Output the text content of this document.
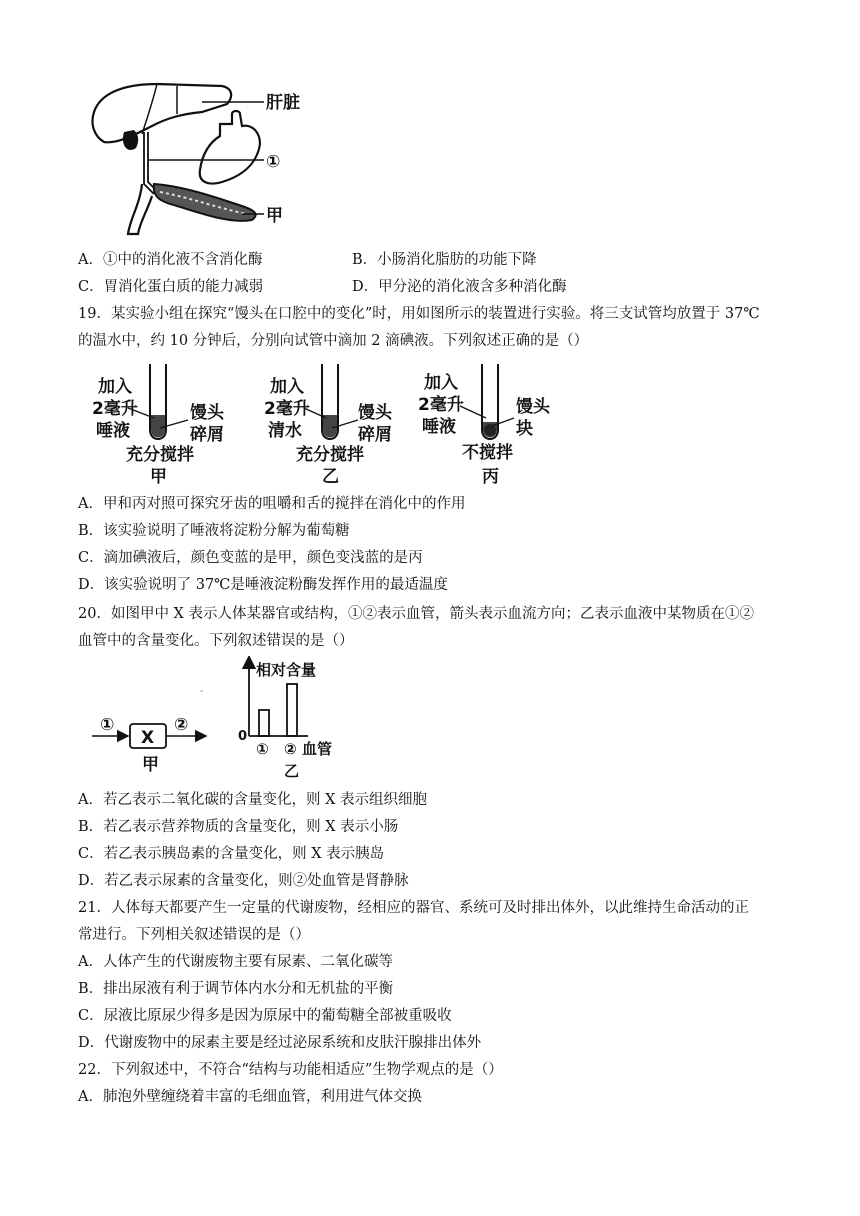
肝脏
①
甲
A．①中的消化液不含消化酶	B．小肠消化脂肪的功能下降
C．胃消化蛋白质的能力减弱	D．甲分泌的消化液含多种消化酶
19．某实验小组在探究“馒头在口腔中的变化”时，用如图所示的装置进行实验。将三支试管均放置于 37℃
的温水中，约 10 分钟后，分别向试管中滴加 2 滴碘液。下列叙述正确的是（）
加入
2毫升
唾液
馒头
碎屑
充分搅拌
甲
加入
2毫升
清水
馒头
碎屑
充分搅拌
乙
加入
2毫升
唾液
馒头
块
不搅拌
丙
A．甲和丙对照可探究牙齿的咀嚼和舌的搅拌在消化中的作用
B．该实验说明了唾液将淀粉分解为葡萄糖
C．滴加碘液后，颜色变蓝的是甲，颜色变浅蓝的是丙
D．该实验说明了 37℃是唾液淀粉酶发挥作用的最适温度
20．如图甲中 X 表示人体某器官或结构，①②表示血管，箭头表示血流方向；乙表示血液中某物质在①②
血管中的含量变化。下列叙述错误的是（）
①
X
②
甲
-
相对含量
0
① ② 血管
乙
A．若乙表示二氧化碳的含量变化，则 X 表示组织细胞
B．若乙表示营养物质的含量变化，则 X 表示小肠
C．若乙表示胰岛素的含量变化，则 X 表示胰岛
D．若乙表示尿素的含量变化，则②处血管是肾静脉
21．人体每天都要产生一定量的代谢废物，经相应的器官、系统可及时排出体外，以此维持生命活动的正
常进行。下列相关叙述错误的是（）
A．人体产生的代谢废物主要有尿素、二氧化碳等
B．排出尿液有利于调节体内水分和无机盐的平衡
C．尿液比原尿少得多是因为原尿中的葡萄糖全部被重吸收
D．代谢废物中的尿素主要是经过泌尿系统和皮肤汗腺排出体外
22．下列叙述中，不符合“结构与功能相适应”生物学观点的是（）
A．肺泡外壁缠绕着丰富的毛细血管，利用进气体交换
